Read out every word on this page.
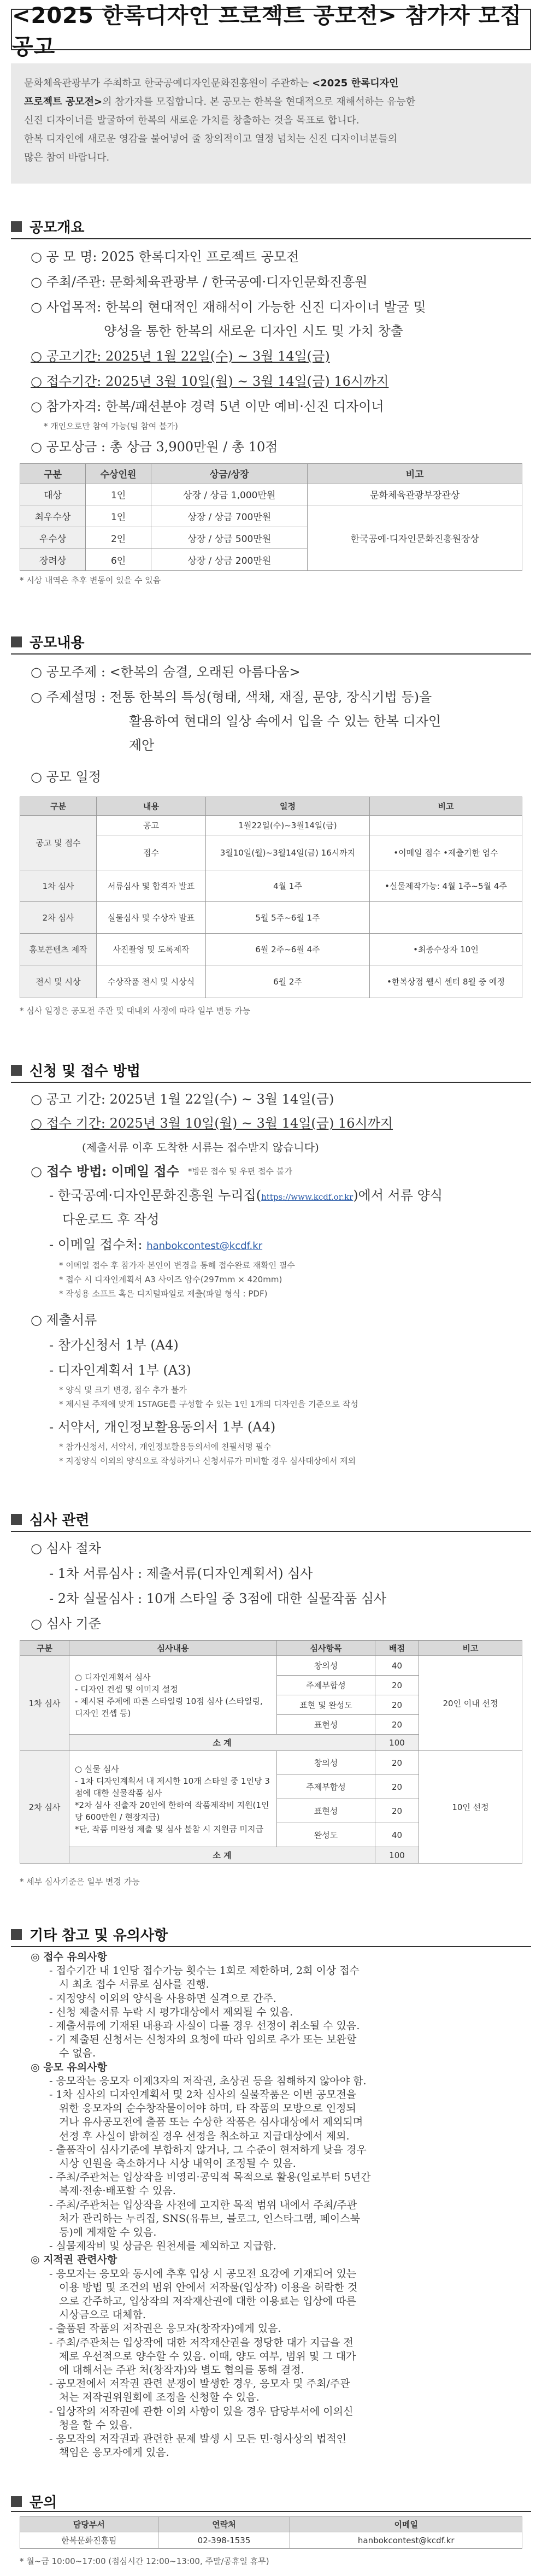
<2025 한록디자인 프로젝트 공모전> 참가자 모집 공고
문화체육관광부가 주최하고 한국공예디자인문화진흥원이 주관하는 <2025 한록디자인
프로젝트 공모전>의 참가자를 모집합니다. 본 공모는 한복을 현대적으로 재해석하는 유능한
신진 디자이너를 발굴하여 한복의 새로운 가치를 창출하는 것을 목표로 합니다.
한복 디자인에 새로운 영감을 불어넣어 줄 창의적이고 열정 넘치는 신진 디자이너분들의
많은 참여 바랍니다.
공모개요
○ 공 모 명: 2025 한록디자인 프로젝트 공모전
○ 주최/주관: 문화체육관광부 / 한국공예·디자인문화진흥원
○ 사업목적: 한복의 현대적인 재해석이 가능한 신진 디자이너 발굴 및
양성을 통한 한복의 새로운 디자인 시도 및 가치 창출
○ 공고기간: 2025년 1월 22일(수) ~ 3월 14일(금)
○ 접수기간: 2025년 3월 10일(월) ~ 3월 14일(금) 16시까지
○ 참가자격: 한복/패션분야 경력 5년 이만 예비·신진 디자이너
* 개인으로만 참여 가능(팀 참여 불가)
○ 공모상금 : 총 상금 3,900만원 / 총 10점
구분	수상인원	상금/상장	비고
대상	1인	상장 / 상금 1,000만원	문화체육관광부장관상
최우수상	1인	상장 / 상금 700만원	한국공예·디자인문화진흥원장상
우수상	2인	상장 / 상금 500만원	
장려상	6인	상장 / 상금 200만원	
* 시상 내역은 추후 변동이 있을 수 있음
공모내용
○ 공모주제 : <한복의 숨결, 오래된 아름다움>
○ 주제설명 : 전통 한복의 특성(형태, 색채, 재질, 문양, 장식기법 등)을
활용하여 현대의 일상 속에서 입을 수 있는 한복 디자인
제안
○ 공모 일정
구분	내용	일정	비고
공고 및 접수	공고	1월22일(수)~3월14일(금)	
	접수	3월10일(월)~3월14일(금) 16시까지	•이메일 접수 •제출기한 엄수
1차 심사	서류심사 및 합격자 발표	4월 1주	•실물제작가능: 4월 1주~5월 4주
2차 심사	실물심사 및 수상자 발표	5월 5주~6월 1주	
홍보콘텐츠 제작	사진촬영 및 도록제작	6월 2주~6월 4주	•최종수상자 10인
전시 및 시상	수상작품 전시 및 시상식	6월 2주	•한복상점 웰시 센터 8월 중 예정
* 심사 일정은 공모전 주관 및 대내외 사정에 따라 일부 변동 가능
신청 및 접수 방법
○ 공고 기간: 2025년 1월 22일(수) ~ 3월 14일(금)
○ 접수 기간: 2025년 3월 10일(월) ~ 3월 14일(금) 16시까지
(제출서류 이후 도착한 서류는 접수받지 않습니다)
○ 접수 방법: 이메일 접수 *방문 접수 및 우편 접수 불가
- 한국공예·디자인문화진흥원 누리집(https://www.kcdf.or.kr)에서 서류 양식
다운로드 후 작성
- 이메일 접수처: hanbokcontest@kcdf.kr
* 이메일 접수 후 참가자 본인이 변경을 통해 접수완료 재확인 필수
* 접수 시 디자인계획서 A3 사이즈 암수(297mm × 420mm)
* 작성용 소프트 혹은 디지털파일로 제출(파일 형식 : PDF)
○ 제출서류
- 참가신청서 1부 (A4)
- 디자인계획서 1부 (A3)
* 양식 및 크기 변경, 접수 추가 불가
* 제시된 주제에 맞게 1STAGE를 구성할 수 있는 1인 1개의 디자인을 기준으로 작성
- 서약서, 개인정보활용동의서 1부 (A4)
* 참가신청서, 서약서, 개인정보활용동의서에 친필서명 필수
* 지정양식 이외의 양식으로 작성하거나 신청서류가 미비할 경우 심사대상에서 제외
심사 관련
○ 심사 절차
- 1차 서류심사 : 제출서류(디자인계획서) 심사
- 2차 실물심사 : 10개 스타일 중 3점에 대한 실물작품 심사
○ 심사 기준
구분	심사내용	심사항목	배점	비고
1차 심사	○ 디자인계획서 심사
- 디자인 컨셉 및 이미지 설정
- 제시된 주제에 따른 스타일링 10점 심사 (스타일링, 디자인 컨셉 등)	창의성	40	20인 이내 선정
		주제부합성	20	
		표현 및 완성도	20	
		표현성	20	
	소 계		100	
2차 심사	○ 실물 심사
- 1차 디자인계획서 내 제시한 10개 스타일 중 1인당 3점에 대한 실물작품 심사
*2차 심사 진출자 20인에 한하여 작품제작비 지원(1인당 600만원 / 현장지급)
*단, 작품 미완성 제출 및 심사 불참 시 지원금 미지급	창의성	20	10인 선정
		주제부합성	20	
		표현성	20	
		완성도	40	
	소 계		100	
* 세부 심사기준은 일부 변경 가능
기타 참고 및 유의사항
◎ 접수 유의사항
- 접수기간 내 1인당 접수가능 횟수는 1회로 제한하며, 2회 이상 접수
시 최초 접수 서류로 심사를 진행.
- 지정양식 이외의 양식을 사용하면 실격으로 간주.
- 신청 제출서류 누락 시 평가대상에서 제외될 수 있음.
- 제출서류에 기재된 내용과 사실이 다를 경우 선정이 취소될 수 있음.
- 기 제출된 신청서는 신청자의 요청에 따라 임의로 추가 또는 보완할
수 없음.
◎ 응모 유의사항
- 응모작는 응모자 이제3자의 저작권, 초상권 등을 침해하지 않아야 함.
- 1차 심사의 디자인계획서 및 2차 심사의 실물작품은 이번 공모전을
위한 응모자의 순수창작물이어야 하며, 타 작품의 모방으로 인정되
거나 유사공모전에 출품 또는 수상한 작품은 심사대상에서 제외되며
선정 후 사실이 밝혀질 경우 선정을 취소하고 지급대상에서 제외.
- 출품작이 심사기준에 부합하지 않거나, 그 수준이 현저하게 낮을 경우
시상 인원을 축소하거나 시상 내역이 조정될 수 있음.
- 주최/주관처는 입상작을 비영리·공익적 목적으로 활용(일로부터 5년간
복제·전송·배포할 수 있음.
- 주최/주관처는 입상작을 사전에 고지한 목적 범위 내에서 주최/주관
처가 관리하는 누리집, SNS(유튜브, 블로그, 인스타그램, 페이스북
등)에 게재할 수 있음.
- 실물제작비 및 상금은 원천세를 제외하고 지급함.
◎ 지적권 관련사항
- 응모자는 응모와 동시에 추후 입상 시 공모전 요강에 기재되어 있는
이용 방법 및 조건의 범위 안에서 저작물(입상작) 이용을 허락한 것
으로 간주하고, 입상작의 저작재산권에 대한 이용료는 입상에 따른
시상금으로 대체함.
- 출품된 작품의 저작권은 응모자(창작자)에게 있음.
- 주최/주관처는 입상작에 대한 저작재산권을 정당한 대가 지급을 전
제로 우선적으로 양수할 수 있음. 이때, 양도 여부, 범위 및 그 대가
에 대해서는 주관 처(창작자)와 별도 협의를 통해 결정.
- 공모전에서 저작권 관련 분쟁이 발생한 경우, 응모자 및 주최/주관
처는 저작권위원회에 조정을 신청할 수 있음.
- 입상작의 저작권에 관한 이외 사항이 있을 경우 담당부서에 이의신
청을 할 수 있음.
- 응모작의 저작권과 관련한 문제 발생 시 모든 민·형사상의 법적인
책임은 응모자에게 있음.
문의
담당부서	연락처	이메일
한복문화진흥팀	02-398-1535	hanbokcontest@kcdf.kr
* 월~금 10:00~17:00 (점심시간 12:00~13:00, 주말/공휴일 휴무)
